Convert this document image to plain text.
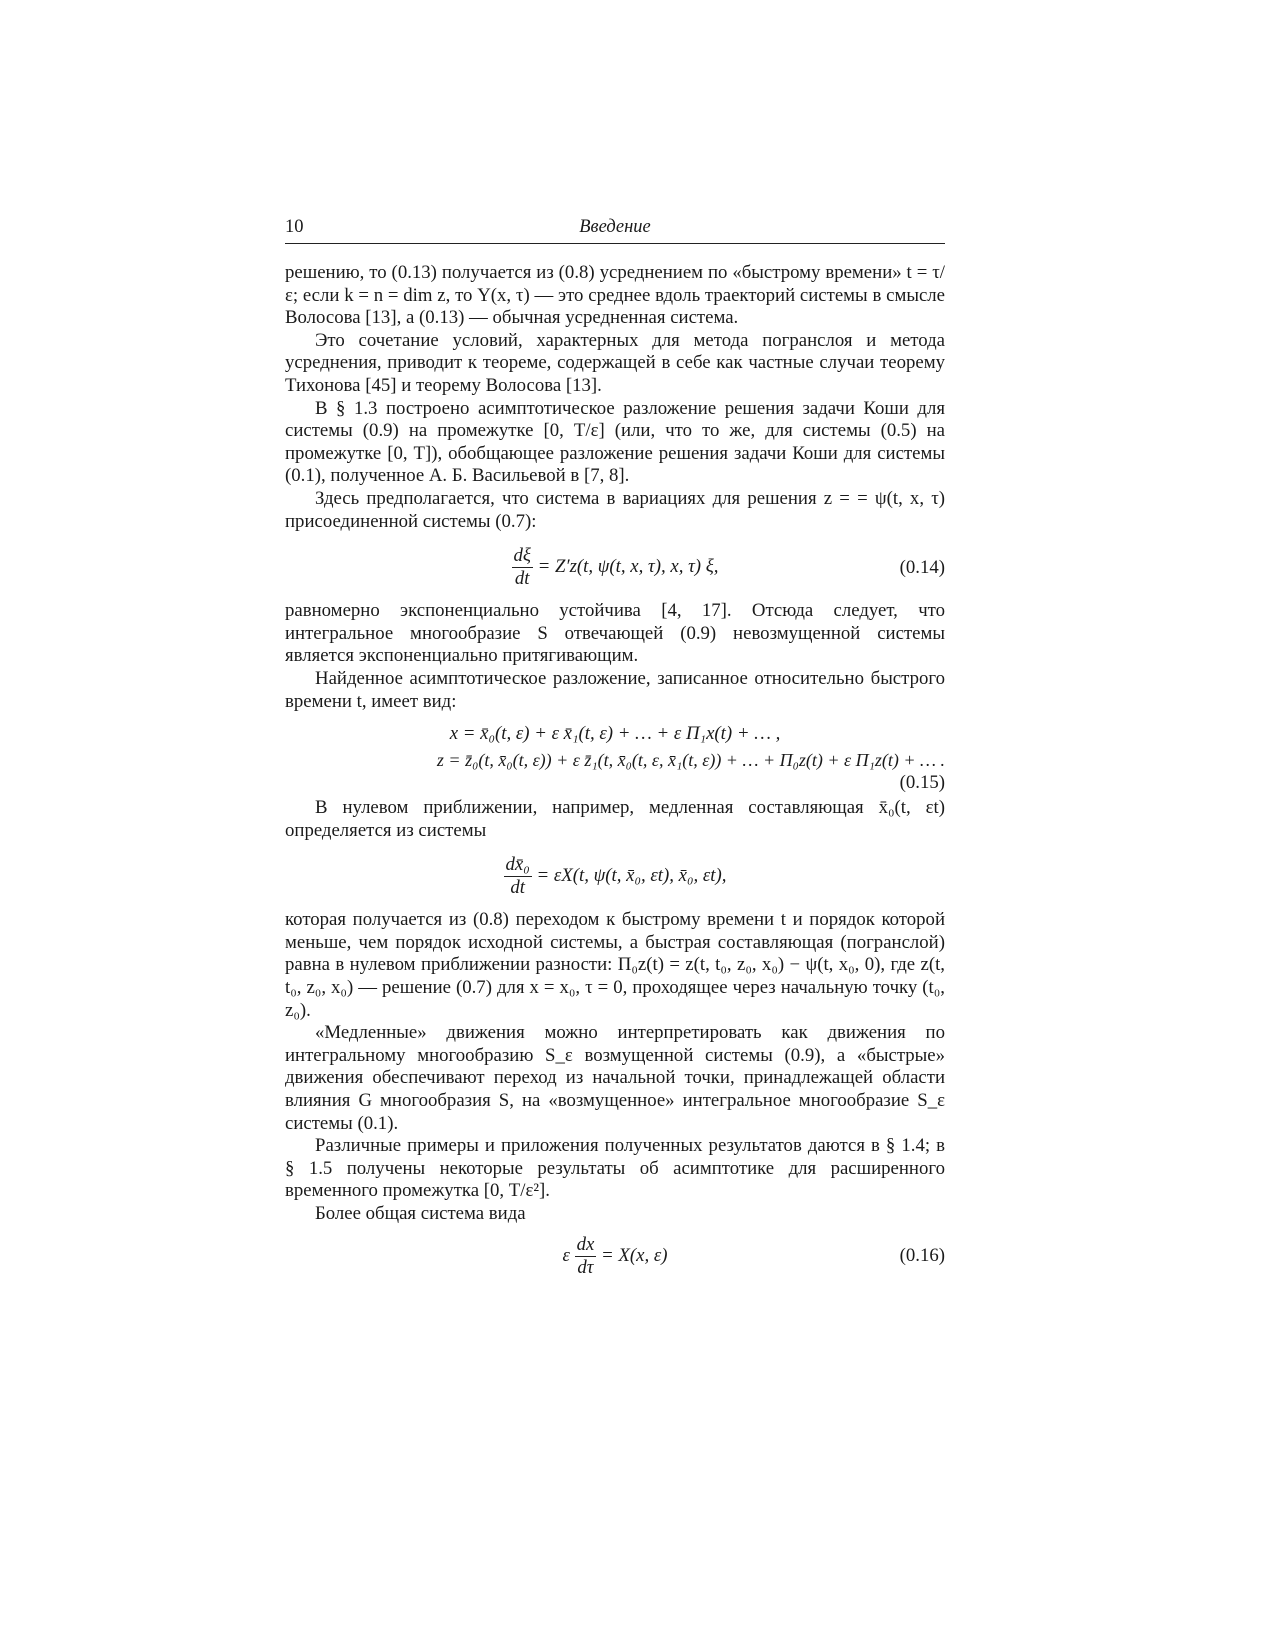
10	Введение

решению, то (0.13) получается из (0.8) усреднением по «быстрому времени» t = τ/ε; если k = n = dim z, то Y(x, τ) — это среднее вдоль траекторий системы в смысле Волосова [13], а (0.13) — обычная усредненная система.

Это сочетание условий, характерных для метода погранслоя и метода усреднения, приводит к теореме, содержащей в себе как частные случаи теорему Тихонова [45] и теорему Волосова [13].

В § 1.3 построено асимптотическое разложение решения задачи Коши для системы (0.9) на промежутке [0, T/ε] (или, что то же, для системы (0.5) на промежутке [0, T]), обобщающее разложение решения задачи Коши для системы (0.1), полученное А. Б. Васильевой в [7, 8].

Здесь предполагается, что система в вариациях для решения z = = ψ(t, x, τ) присоединенной системы (0.7):

$\frac{d\xi}{dt} = Z'z(t$, ψ(t, x, τ), x, τ) ξ,	(0.14)

равномерно экспоненциально устойчива [4, 17]. Отсюда следует, что интегральное многообразие S отвечающей (0.9) невозмущенной системы является экспоненциально притягивающим.

Найденное асимптотическое разложение, записанное относительно быстрого времени t, имеет вид:

x = x̄₀(t, ε) + ε x̄₁(t, ε) + … + ε Π₁x(t) + … ,
z = z̄₀(t, x̄₀(t, ε)) + ε z̄₁(t, x̄₀(t, ε, x̄₁(t, ε)) + … + Π₀z(t) + ε Π₁z(t) + … .
(0.15)

В нулевом приближении, например, медленная составляющая x̄₀(t, εt) определяется из системы

$\frac{\text{dx̄₀}}{dt} = \varepsilon X(t$, ψ(t, x̄₀, εt), x̄₀, εt),

которая получается из (0.8) переходом к быстрому времени t и порядок которой меньше, чем порядок исходной системы, а быстрая составляющая (погранслой) равна в нулевом приближении разности: Π₀z(t) = z(t, t₀, z₀, x₀) − ψ(t, x₀, 0), где z(t, t₀, z₀, x₀) — решение (0.7) для x = x₀, τ = 0, проходящее через начальную точку (t₀, z₀).

«Медленные» движения можно интерпретировать как движения по интегральному многообразию S_ε возмущенной системы (0.9), а «быстрые» движения обеспечивают переход из начальной точки, принадлежащей области влияния G многообразия S, на «возмущенное» интегральное многообразие S_ε системы (0.1).

Различные примеры и приложения полученных результатов даются в § 1.4; в § 1.5 получены некоторые результаты об асимптотике для расширенного временного промежутка [0, T/ε²].

Более общая система вида

ε $\frac{dx}{d\tau} = X(x$, ε)	(0.16)
